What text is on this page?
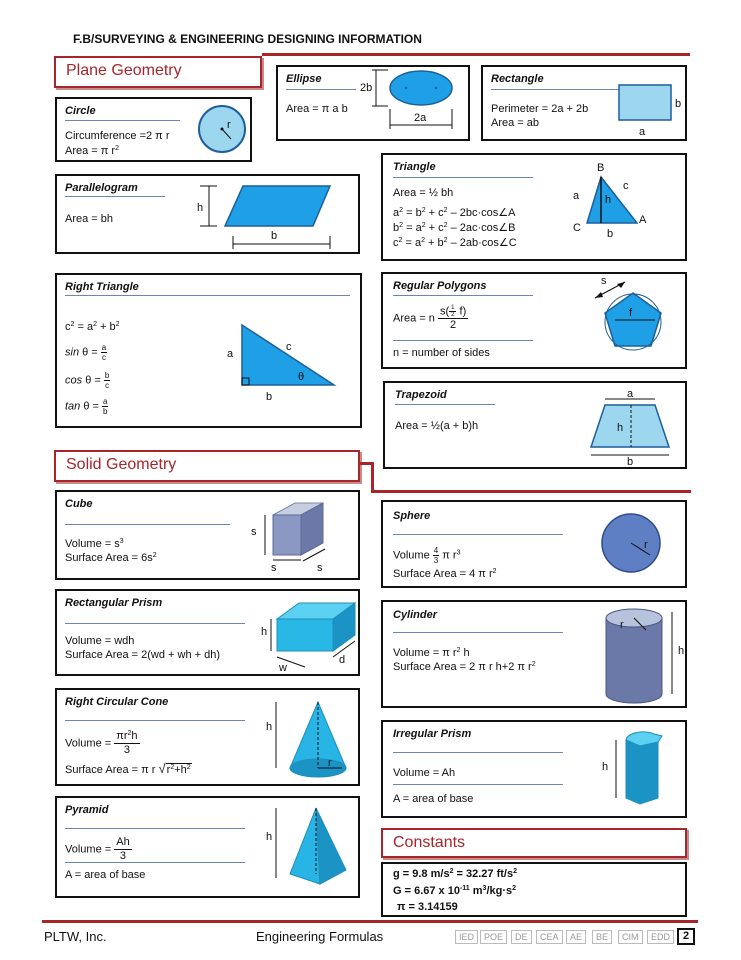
F.B/SURVEYING & ENGINEERING DESIGNING INFORMATION
Plane Geometry
Circle
Circumference =2 π r
Area = π $r^2$
r
Ellipse
Area = π a b
2b
2a
Rectangle
Perimeter = 2a + 2b
Area = ab
b
a
Parallelogram
Area = bh
h
b
Triangle
Area = ½ bh
$a^2 = b^2 + c^2$ – 2bc·cos∠A
$b^2 = a^2 + c^2$ – 2ac·cos∠B
$c^2 = a^2 + b^2$ – 2ab·cos∠C
B
a
c
h
C
A
b
Right Triangle
$c^2 = a^2 + b^2$
$\sin \theta = \frac{a}{c}$
$\cos \theta = \frac{b}{c}$
$\tan \theta = \frac{a}{b}$
a
c
θ
b
Regular Polygons
Area = n $\frac{s( \frac{1}{2} f)}{2}$
n = number of sides
f
s
Trapezoid
Area = ½(a + b)h
a
h
b
Solid Geometry
Cube
Volume = $s^3$
Surface Area = $6s^2$
s
s	s
Sphere
Volume $\frac{4}{3}$ π $r^3$
Surface Area = 4 π $r^2$
r
Rectangular Prism
Volume = wdh
Surface Area = 2(wd + wh + dh)
h
w
d
Cylinder
Volume = π $r^2$ h
Surface Area = 2 π r h+2 π $r^2$
r
h
Right Circular Cone
Volume = $\frac{\pi r^2h}{3}$
Surface Area = π r $√r^2+h^2$	r
h
Irregular Prism
Volume = Ah
A = area of base
h
Pyramid
Volume = $\frac{Ah}{3}$
A = area of base
h	Constants
g = 9.8 $m/s^2 = 32.27$ $ft/s^2$
G = 6.67 x $10^{-11}$ $m^3/kg\cdot s^2$
π = 3.14159
PLTW, Inc.	Engineering Formulas	IED	POE	DE	CEA	AE	BE	CIM	EDD	2
